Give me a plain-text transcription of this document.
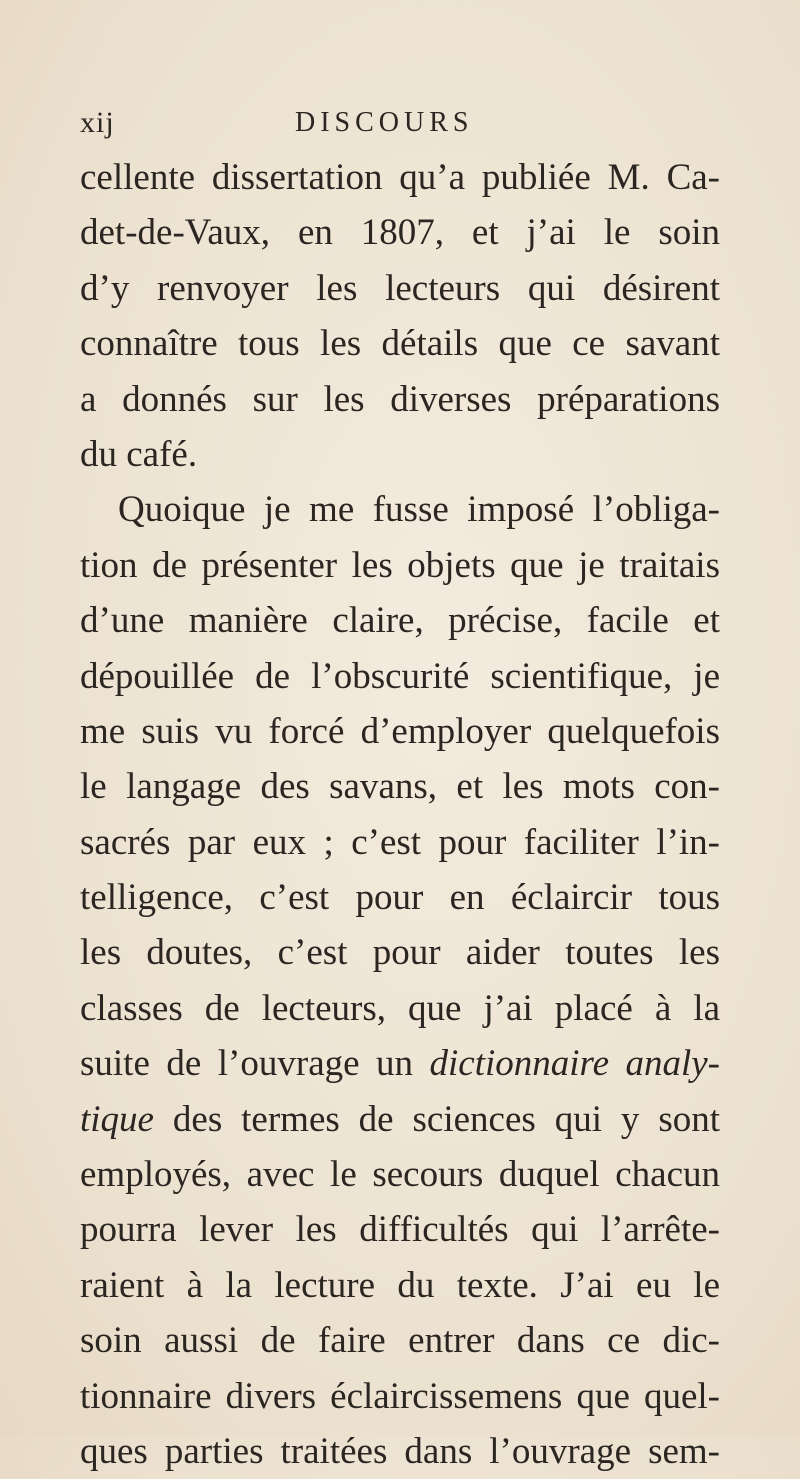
xij	DISCOURS
cellente dissertation qu’a publiée M. Ca-
det-de-Vaux, en 1807, et j’ai le soin
d’y renvoyer les lecteurs qui désirent
connaître tous les détails que ce savant
a donnés sur les diverses préparations
du café.
Quoique je me fusse imposé l’obliga-
tion de présenter les objets que je traitais
d’une manière claire, précise, facile et
dépouillée de l’obscurité scientifique, je
me suis vu forcé d’employer quelquefois
le langage des savans, et les mots con-
sacrés par eux ; c’est pour faciliter l’in-
telligence, c’est pour en éclaircir tous
les doutes, c’est pour aider toutes les
classes de lecteurs, que j’ai placé à la
suite de l’ouvrage un dictionnaire analy-
tique des termes de sciences qui y sont
employés, avec le secours duquel chacun
pourra lever les difficultés qui l’arrête-
raient à la lecture du texte. J’ai eu le
soin aussi de faire entrer dans ce dic-
tionnaire divers éclaircissemens que quel-
ques parties traitées dans l’ouvrage sem-
